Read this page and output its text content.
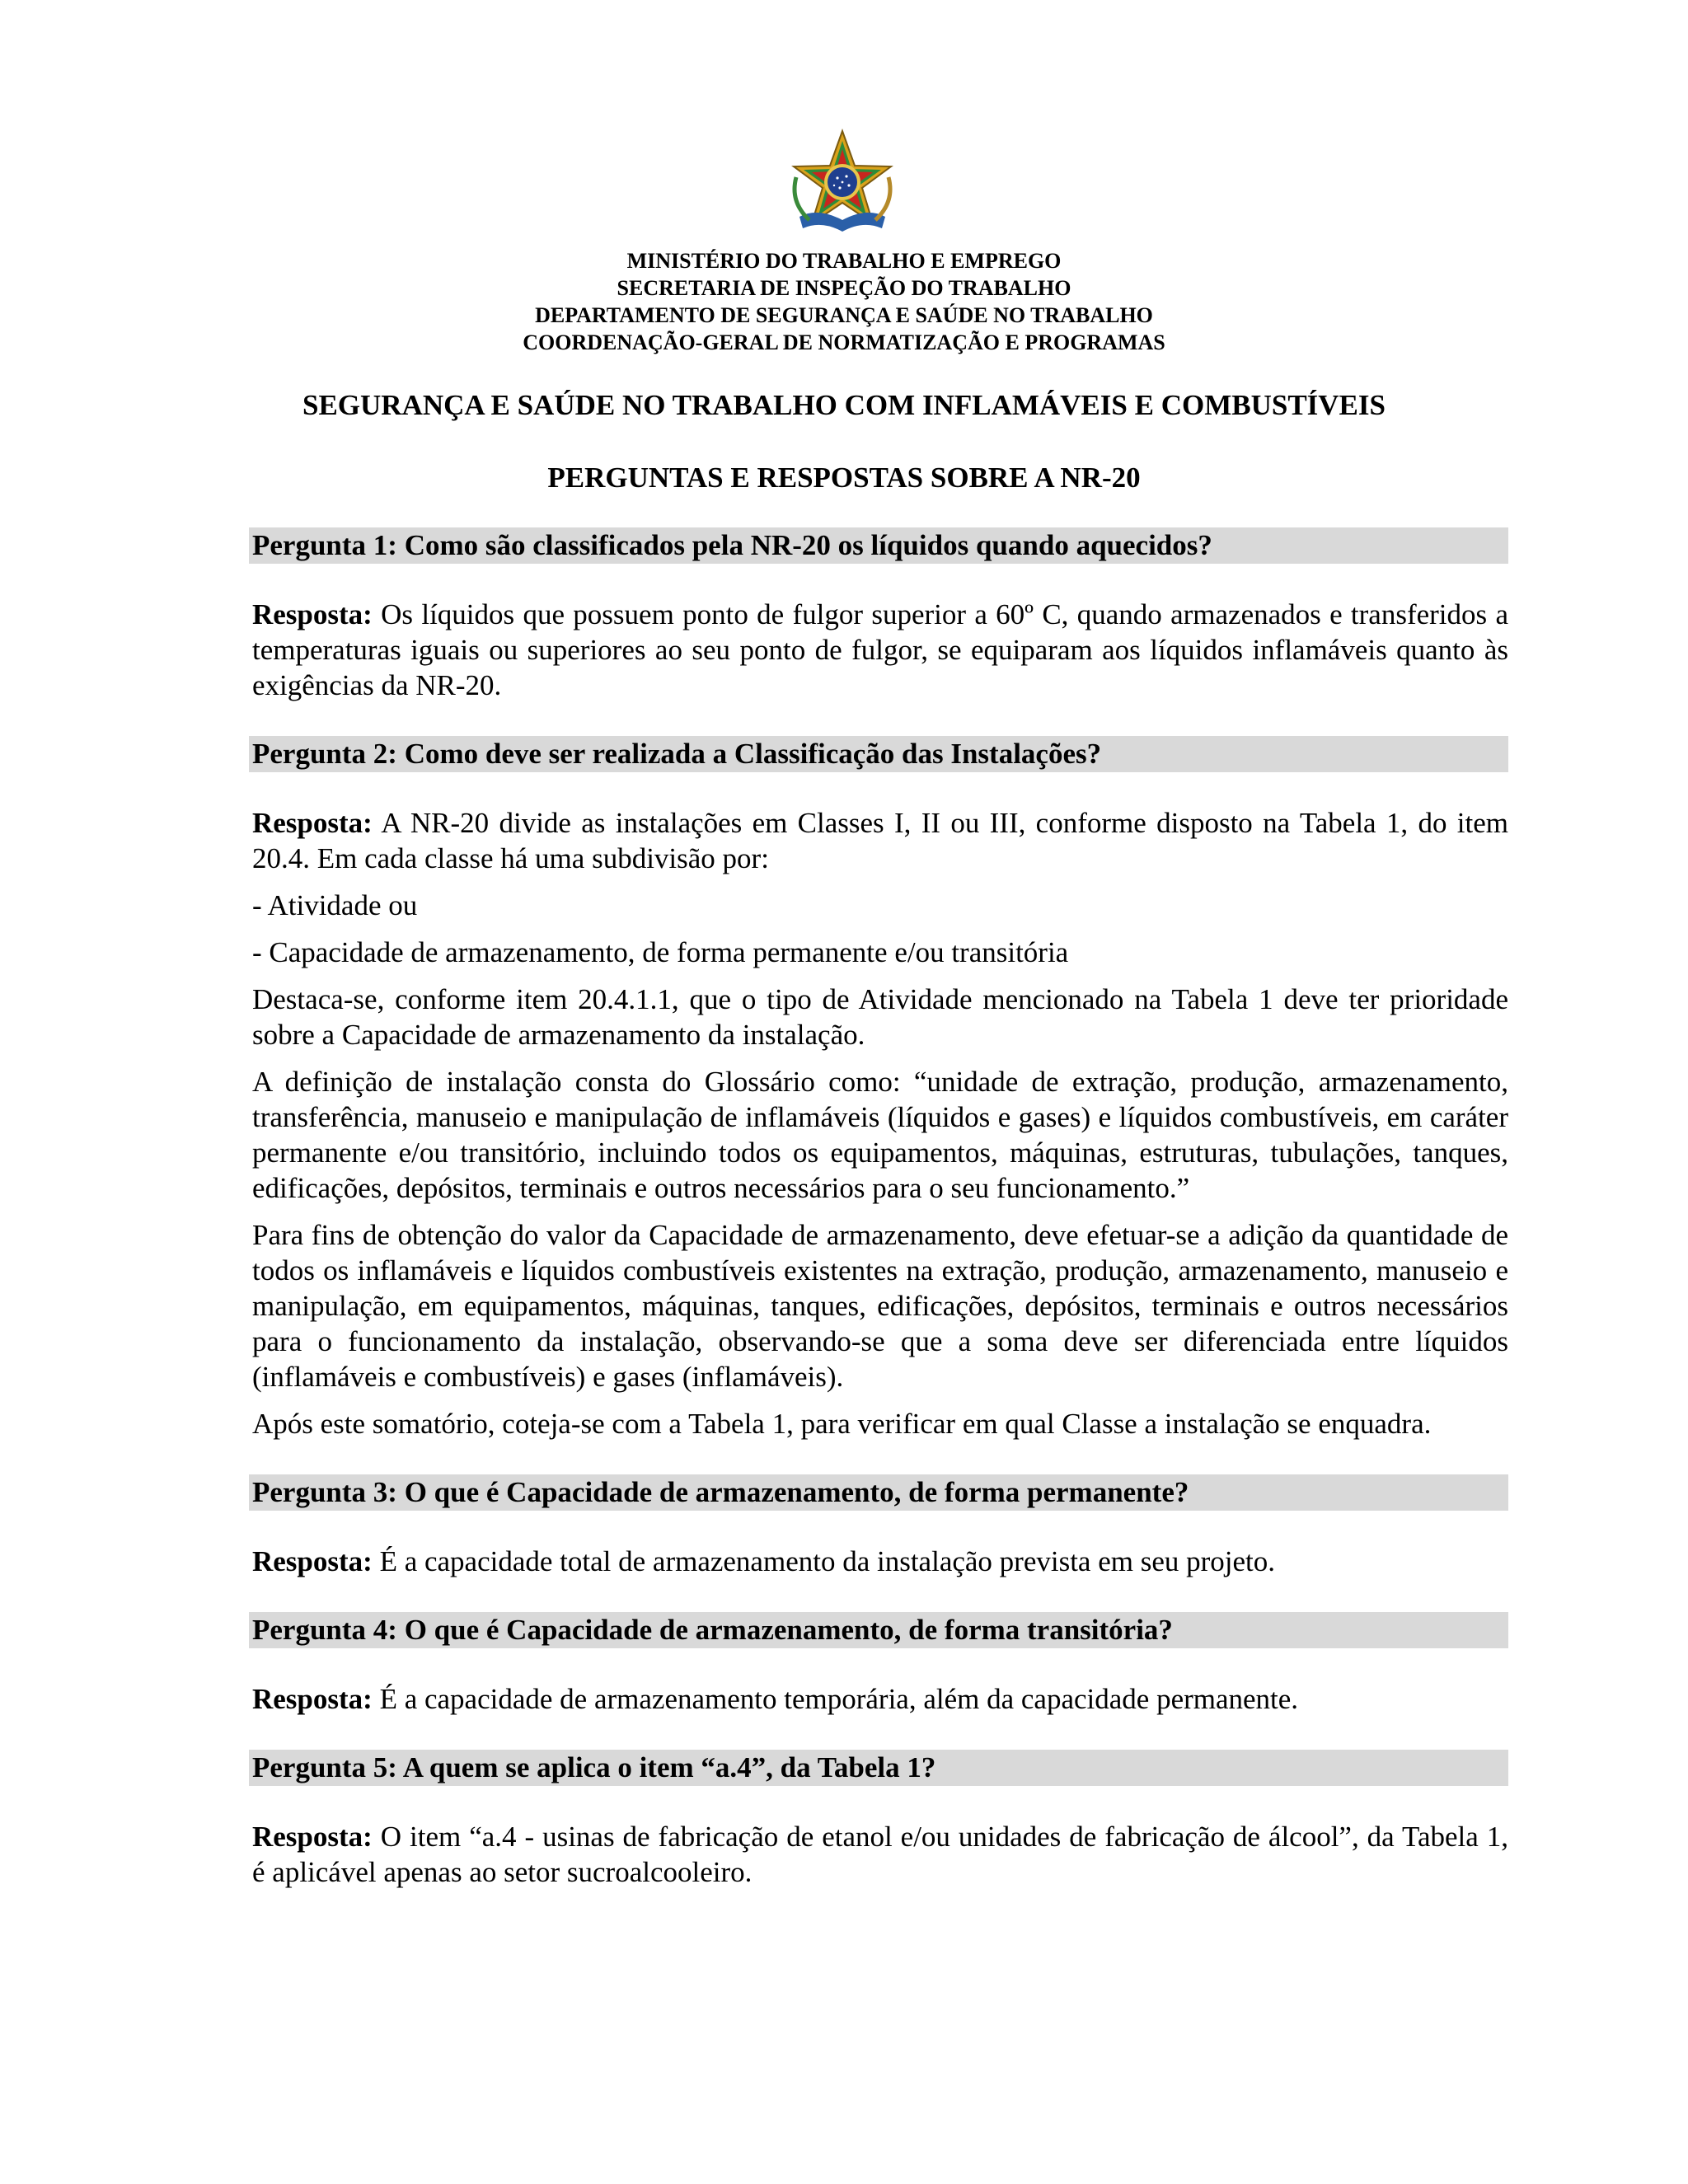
MINISTÉRIO DO TRABALHO E EMPREGO
SECRETARIA DE INSPEÇÃO DO TRABALHO
DEPARTAMENTO DE SEGURANÇA E SAÚDE NO TRABALHO
COORDENAÇÃO-GERAL DE NORMATIZAÇÃO E PROGRAMAS
SEGURANÇA E SAÚDE NO TRABALHO COM INFLAMÁVEIS E COMBUSTÍVEIS
PERGUNTAS E RESPOSTAS SOBRE A NR-20
Pergunta 1: Como são classificados pela NR-20 os líquidos quando aquecidos?
Resposta: Os líquidos que possuem ponto de fulgor superior a 60º C, quando armazenados e transferidos a temperaturas iguais ou superiores ao seu ponto de fulgor, se equiparam aos líquidos inflamáveis quanto às exigências da NR-20.
Pergunta 2: Como deve ser realizada a Classificação das Instalações?
Resposta: A NR-20 divide as instalações em Classes I, II ou III, conforme disposto na Tabela 1, do item 20.4. Em cada classe há uma subdivisão por:
- Atividade ou
- Capacidade de armazenamento, de forma permanente e/ou transitória
Destaca-se, conforme item 20.4.1.1, que o tipo de Atividade mencionado na Tabela 1 deve ter prioridade sobre a Capacidade de armazenamento da instalação.
A definição de instalação consta do Glossário como: “unidade de extração, produção, armazenamento, transferência, manuseio e manipulação de inflamáveis (líquidos e gases) e líquidos combustíveis, em caráter permanente e/ou transitório, incluindo todos os equipamentos, máquinas, estruturas, tubulações, tanques, edificações, depósitos, terminais e outros necessários para o seu funcionamento.”
Para fins de obtenção do valor da Capacidade de armazenamento, deve efetuar-se a adição da quantidade de todos os inflamáveis e líquidos combustíveis existentes na extração, produção, armazenamento, manuseio e manipulação, em equipamentos, máquinas, tanques, edificações, depósitos, terminais e outros necessários para o funcionamento da instalação, observando-se que a soma deve ser diferenciada entre líquidos (inflamáveis e combustíveis) e gases (inflamáveis).
Após este somatório, coteja-se com a Tabela 1, para verificar em qual Classe a instalação se enquadra.
Pergunta 3: O que é Capacidade de armazenamento, de forma permanente?
Resposta: É a capacidade total de armazenamento da instalação prevista em seu projeto.
Pergunta 4: O que é Capacidade de armazenamento, de forma transitória?
Resposta: É a capacidade de armazenamento temporária, além da capacidade permanente.
Pergunta 5: A quem se aplica o item “a.4”, da Tabela 1?
Resposta: O item “a.4 - usinas de fabricação de etanol e/ou unidades de fabricação de álcool”, da Tabela 1, é aplicável apenas ao setor sucroalcooleiro.
